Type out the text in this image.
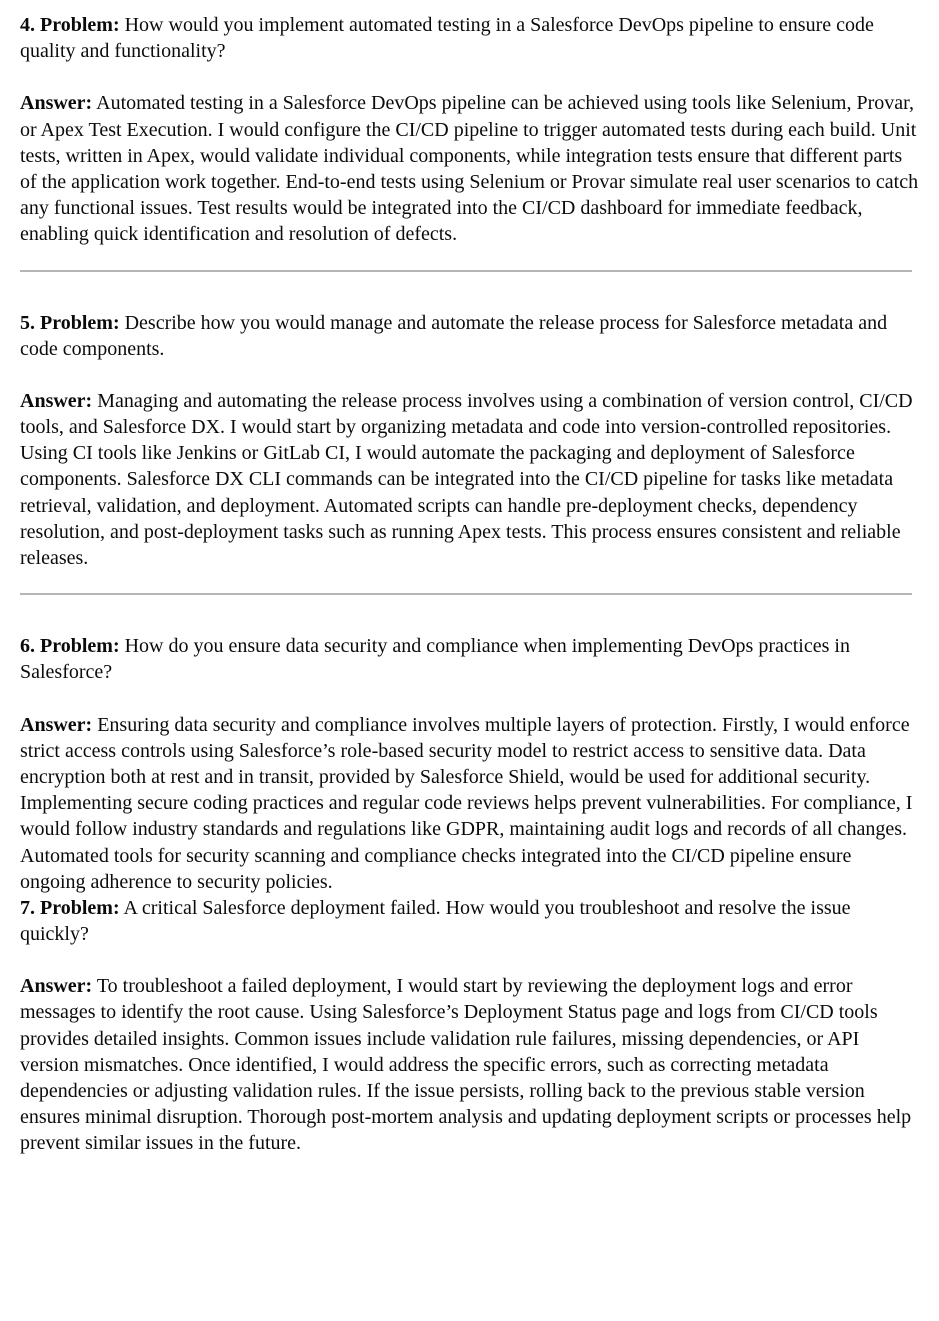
4. Problem: How would you implement automated testing in a Salesforce DevOps pipeline to ensure code quality and functionality?

Answer: Automated testing in a Salesforce DevOps pipeline can be achieved using tools like Selenium, Provar, or Apex Test Execution. I would configure the CI/CD pipeline to trigger automated tests during each build. Unit tests, written in Apex, would validate individual components, while integration tests ensure that different parts of the application work together. End-to-end tests using Selenium or Provar simulate real user scenarios to catch any functional issues. Test results would be integrated into the CI/CD dashboard for immediate feedback, enabling quick identification and resolution of defects.

5. Problem: Describe how you would manage and automate the release process for Salesforce metadata and code components.

Answer: Managing and automating the release process involves using a combination of version control, CI/CD tools, and Salesforce DX. I would start by organizing metadata and code into version-controlled repositories. Using CI tools like Jenkins or GitLab CI, I would automate the packaging and deployment of Salesforce components. Salesforce DX CLI commands can be integrated into the CI/CD pipeline for tasks like metadata retrieval, validation, and deployment. Automated scripts can handle pre-deployment checks, dependency resolution, and post-deployment tasks such as running Apex tests. This process ensures consistent and reliable releases.

6. Problem: How do you ensure data security and compliance when implementing DevOps practices in Salesforce?

Answer: Ensuring data security and compliance involves multiple layers of protection. Firstly, I would enforce strict access controls using Salesforce’s role-based security model to restrict access to sensitive data. Data encryption both at rest and in transit, provided by Salesforce Shield, would be used for additional security. Implementing secure coding practices and regular code reviews helps prevent vulnerabilities. For compliance, I would follow industry standards and regulations like GDPR, maintaining audit logs and records of all changes. Automated tools for security scanning and compliance checks integrated into the CI/CD pipeline ensure ongoing adherence to security policies.

7. Problem: A critical Salesforce deployment failed. How would you troubleshoot and resolve the issue quickly?

Answer: To troubleshoot a failed deployment, I would start by reviewing the deployment logs and error messages to identify the root cause. Using Salesforce’s Deployment Status page and logs from CI/CD tools provides detailed insights. Common issues include validation rule failures, missing dependencies, or API version mismatches. Once identified, I would address the specific errors, such as correcting metadata dependencies or adjusting validation rules. If the issue persists, rolling back to the previous stable version ensures minimal disruption. Thorough post-mortem analysis and updating deployment scripts or processes help prevent similar issues in the future.
